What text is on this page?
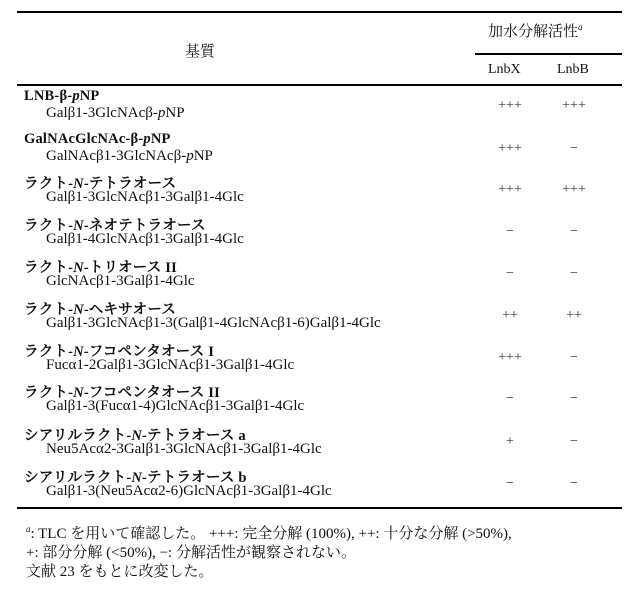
基質
加水分解活性$^a$
LnbX	LnbB
LNB-β-pNP
Galβ1-3GlcNAcβ-pNP	+++	+++
GalNAcGlcNAc-β-pNP
GalNAcβ1-3GlcNAcβ-pNP	+++	−
ラクト-N-テトラオース
Galβ1-3GlcNAcβ1-3Galβ1-4Glc	+++	+++
ラクト-N-ネオテトラオース
Galβ1-4GlcNAcβ1-3Galβ1-4Glc	−	−
ラクト-N-トリオース II
GlcNAcβ1-3Galβ1-4Glc	−	−
ラクト-N-ヘキサオース
Galβ1-3GlcNAcβ1-3(Galβ1-4GlcNAcβ1-6)Galβ1-4Glc	++	++
ラクト-N-フコペンタオース I
Fucα1-2Galβ1-3GlcNAcβ1-3Galβ1-4Glc	+++	−
ラクト-N-フコペンタオース II
Galβ1-3(Fucα1-4)GlcNAcβ1-3Galβ1-4Glc	−	−
シアリルラクト-N-テトラオース a
Neu5Acα2-3Galβ1-3GlcNAcβ1-3Galβ1-4Glc	+	−
シアリルラクト-N-テトラオース b
Galβ1-3(Neu5Acα2-6)GlcNAcβ1-3Galβ1-4Glc	−	−
$^a$: TLC を用いて確認した。 +++: 完全分解 (100%), ++: 十分な分解 (>50%),
+: 部分分解 (<50%), −: 分解活性が観察されない。
文献 23 をもとに改変した。
